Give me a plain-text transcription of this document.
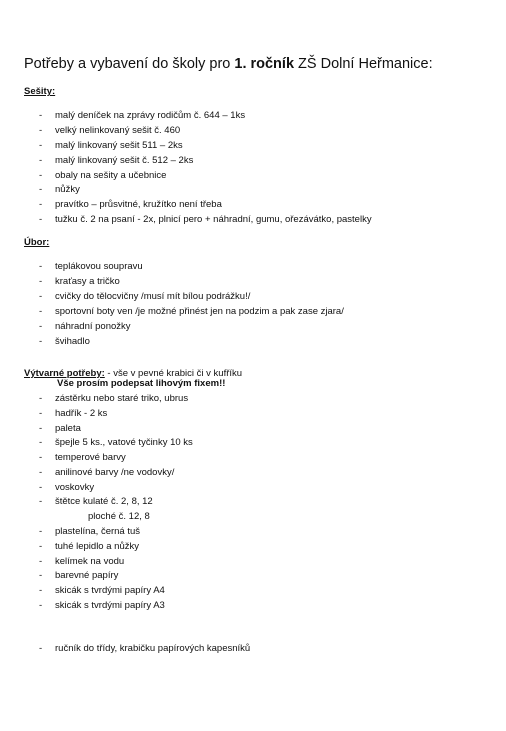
Potřeby a vybavení do školy pro 1. ročník ZŠ Dolní Heřmanice:
Sešity:
- malý deníček na zprávy rodičům č. 644 – 1ks
- velký nelinkovaný sešit č. 460
- malý linkovaný sešit 511 – 2ks
- malý linkovaný sešit č. 512 – 2ks
- obaly na sešity a učebnice
- nůžky
- pravítko – průsvitné, kružítko není třeba
- tužku č. 2 na psaní - 2x, plnicí pero + náhradní, gumu, ořezávátko, pastelky
Úbor:
- teplákovou soupravu
- kraťasy a tričko
- cvičky do tělocvičny /musí mít bílou podrážku!/
- sportovní boty ven /je možné přinést jen na podzim a pak zase zjara/
- náhradní ponožky
- švihadlo
Výtvarné potřeby: - vše v pevné krabici či v kufříku
Vše prosím podepsat lihovým fixem!!
- zástěrku nebo staré triko, ubrus
- hadřík - 2 ks
- paleta
- špejle 5 ks., vatové tyčinky 10 ks
- temperové barvy
- anilinové barvy /ne vodovky/
- voskovky
- štětce kulaté č. 2, 8, 12
ploché č. 12, 8
- plastelína, černá tuš
- tuhé lepidlo a nůžky
- kelímek na vodu
- barevné papíry
- skicák s tvrdými papíry A4
- skicák s tvrdými papíry A3
- ručník do třídy, krabičku papírových kapesníků
